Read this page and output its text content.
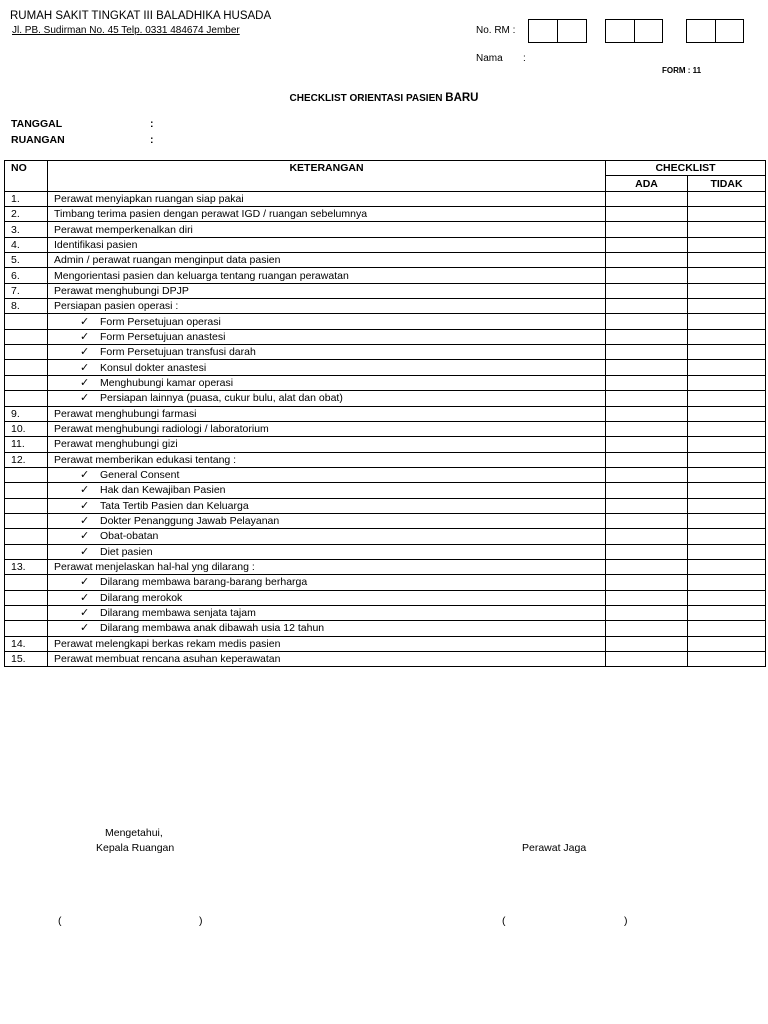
RUMAH SAKIT TINGKAT III BALADHIKA HUSADA
Jl. PB. Sudirman No. 45 Telp. 0331 484674 Jember	No. RM :
Nama :
FORM : 11
CHECKLIST ORIENTASI PASIEN BARU
TANGGAL	:
RUANGAN	:
NO	KETERANGAN	CHECKLIST	
		ADA	TIDAK
1.	Perawat menyiapkan ruangan siap pakai		
2.	Timbang terima pasien dengan perawat IGD / ruangan sebelumnya		
3.	Perawat memperkenalkan diri		
4.	Identifikasi pasien		
5.	Admin / perawat ruangan menginput data pasien		
6.	Mengorientasi pasien dan keluarga tentang ruangan perawatan		
7.	Perawat menghubungi DPJP		
8.	Persiapan pasien operasi :		
	✓ Form Persetujuan operasi		
	✓ Form Persetujuan anastesi		
	✓ Form Persetujuan transfusi darah		
	✓ Konsul dokter anastesi		
	✓ Menghubungi kamar operasi		
	✓ Persiapan lainnya (puasa, cukur bulu, alat dan obat)		
9.	Perawat menghubungi farmasi		
10.	Perawat menghubungi radiologi / laboratorium		
11.	Perawat menghubungi gizi		
12.	Perawat memberikan edukasi tentang :		
	✓ General Consent		
	✓ Hak dan Kewajiban Pasien		
	✓ Tata Tertib Pasien dan Keluarga		
	✓ Dokter Penanggung Jawab Pelayanan		
	✓ Obat-obatan		
	✓ Diet pasien		
13.	Perawat menjelaskan hal-hal yng dilarang :		
	✓ Dilarang membawa barang-barang berharga		
	✓ Dilarang merokok		
	✓ Dilarang membawa senjata tajam		
	✓ Dilarang membawa anak dibawah usia 12 tahun		
14.	Perawat melengkapi berkas rekam medis pasien		
15.	Perawat membuat rencana asuhan keperawatan		
Mengetahui,
Kepala Ruangan	Perawat Jaga
(	)	(	)
